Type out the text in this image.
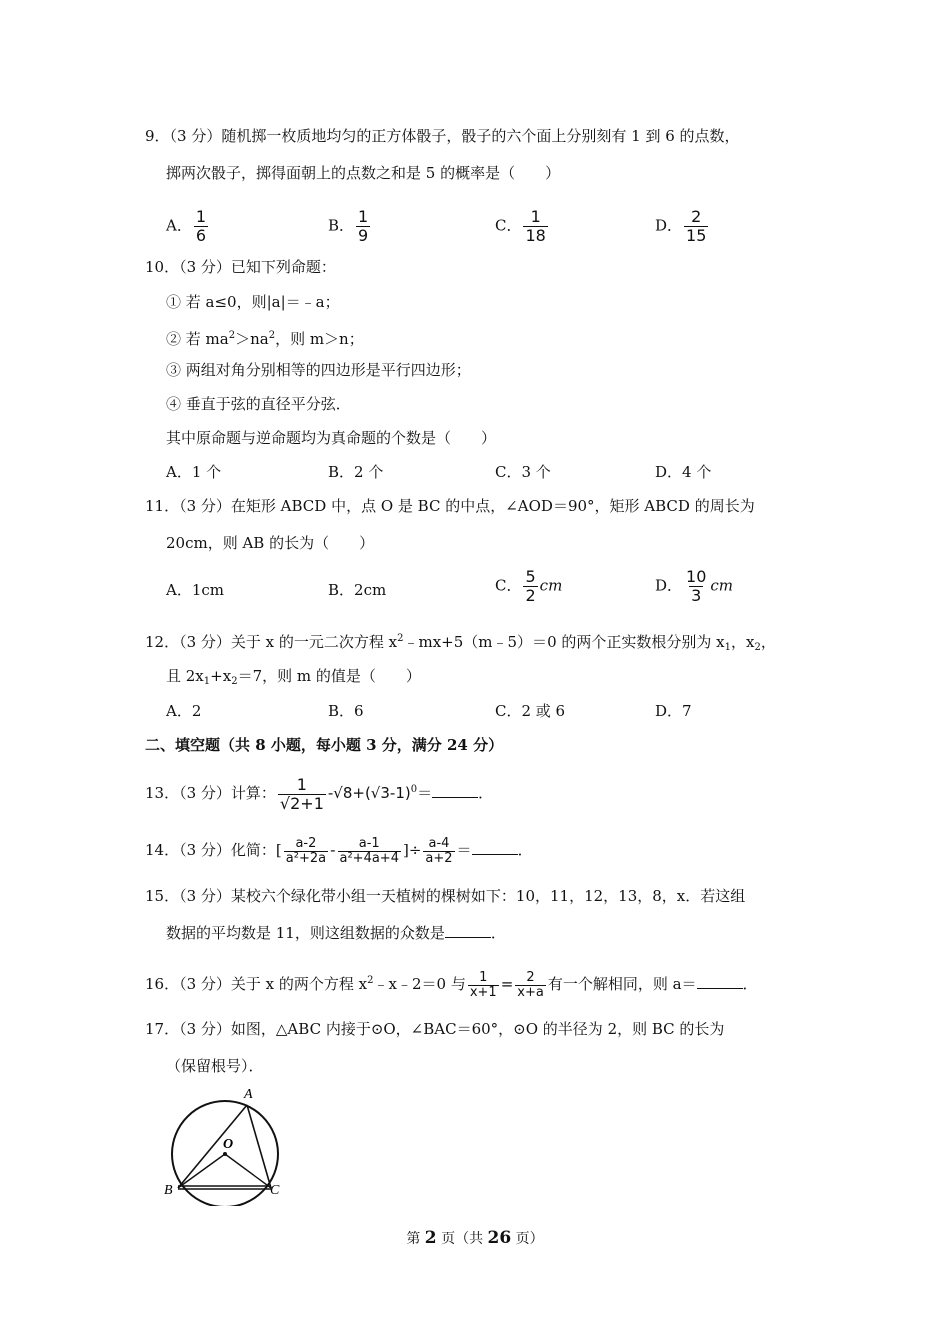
9．（3 分）随机掷一枚质地均匀的正方体骰子，骰子的六个面上分别刻有 1 到 6 的点数，
掷两次骰子，掷得面朝上的点数之和是 5 的概率是（　　）
A． $\frac{1}{6}$	B． $\frac{1}{9}$	C． $\frac{1}{18}$	D． $\frac{2}{15}$
10．（3 分）已知下列命题：
① 若 a≤0，则|a|＝﹣a；
② 若 $ma^2>na^2$，则 m＞n；
③ 两组对角分别相等的四边形是平行四边形；
④ 垂直于弦的直径平分弦．
其中原命题与逆命题均为真命题的个数是（　　）
A．1 个	B．2 个	C．3 个	D．4 个
11．（3 分）在矩形 ABCD 中，点 O 是 BC 的中点，∠AOD＝90°，矩形 ABCD 的周长为
20cm，则 AB 的长为（　　）
A．1cm	B．2cm	C． $\frac{5}{2}$ cm	D． $\frac{10}{3}$ cm
12．（3 分）关于 x 的一元二次方程 $x^2﹣mx+5(m﹣5)=0$ 的两个正实数根分别为 $x_1$，$x_2$，
且 $2x_1+x_2=7$，则 m 的值是（　　）
A．2	B．6	C．2 或 6	D．7
二、填空题（共 8 小题，每小题 3 分，满分 24 分）
13．（3 分）计算： $\frac{1}{√2+1} -√8+(√3-1)^0=$	．
14．（3 分）化简：[ $\frac{a-2}{\text{a²+2a}} - \frac{a-1}{\text{a²+4a+4}}$ ]÷ $\frac{a-4}{a+2}$ ＝	．
15．（3 分）某校六个绿化带小组一天植树的棵树如下：10，11，12，13，8，x．若这组
数据的平均数是 11，则这组数据的众数是	．
16．（3 分）关于 x 的两个方程 $x^2﹣x﹣2=0$ 与 $\frac{1}{x+1} = \frac{2}{x+a}$ 有一个解相同，则 a＝	．
17．（3 分）如图，△ABC 内接于⊙O，∠BAC＝60°，⊙O 的半径为 2，则 BC 的长为
（保留根号）．
A
O
B	C
第 2 页（共 26 页）
